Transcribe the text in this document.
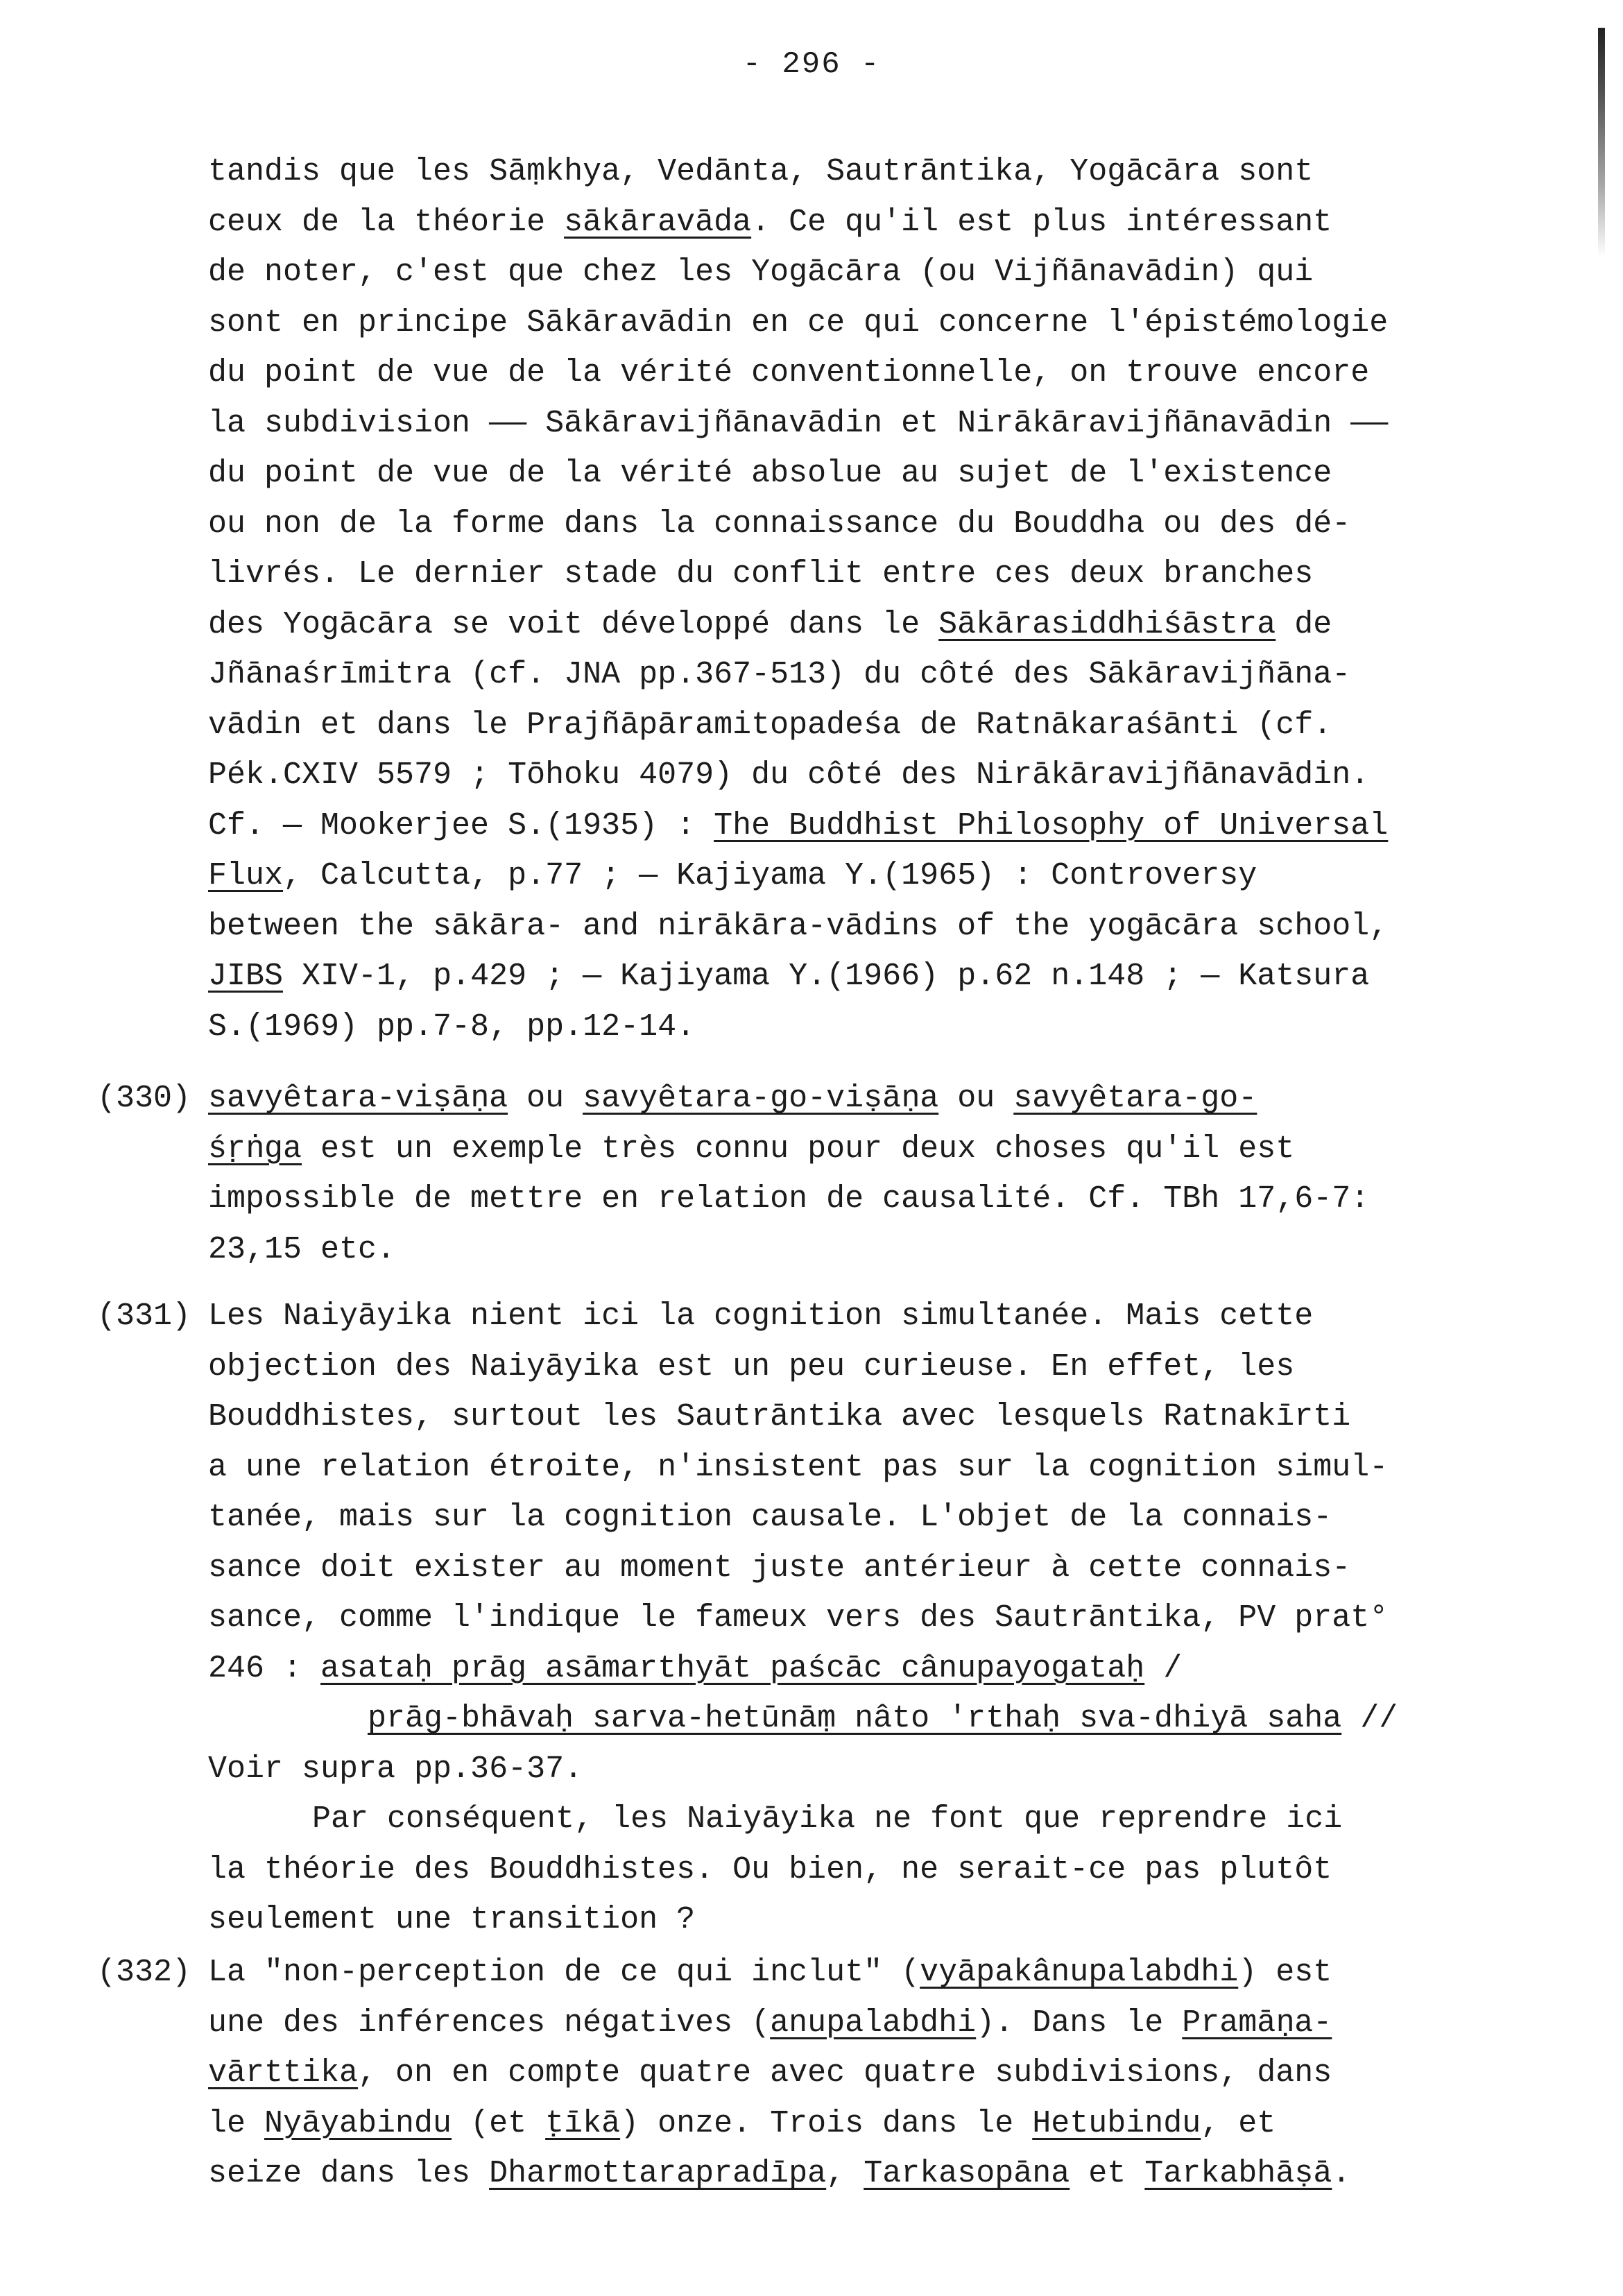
- 296 -
tandis que les Sāṃkhya, Vedānta, Sautrāntika, Yogācāra sont
ceux de la théorie sākāravāda. Ce qu'il est plus intéressant
de noter, c'est que chez les Yogācāra (ou Vijñānavādin) qui
sont en principe Sākāravādin en ce qui concerne l'épistémologie
du point de vue de la vérité conventionnelle, on trouve encore
la subdivision —— Sākāravijñānavādin et Nirākāravijñānavādin ——
du point de vue de la vérité absolue au sujet de l'existence
ou non de la forme dans la connaissance du Bouddha ou des dé-
livrés. Le dernier stade du conflit entre ces deux branches
des Yogācāra se voit développé dans le Sākārasiddhiśāstra de
Jñānaśrīmitra (cf. JNA pp.367-513) du côté des Sākāravijñāna-
vādin et dans le Prajñāpāramitopadeśa de Ratnākaraśānti (cf.
Pék.CXIV 5579 ; Tōhoku 4079) du côté des Nirākāravijñānavādin.
Cf. — Mookerjee S.(1935) : The Buddhist Philosophy of Universal
Flux, Calcutta, p.77 ; — Kajiyama Y.(1965) : Controversy
between the sākāra- and nirākāra-vādins of the yogācāra school,
JIBS XIV-1, p.429 ; — Kajiyama Y.(1966) p.62 n.148 ; — Katsura
S.(1969) pp.7-8, pp.12-14.
(330) savyêtara-viṣāṇa ou savyêtara-go-viṣāṇa ou savyêtara-go-
śṛṅga est un exemple très connu pour deux choses qu'il est
impossible de mettre en relation de causalité. Cf. TBh 17,6-7:
23,15 etc.
(331) Les Naiyāyika nient ici la cognition simultanée. Mais cette
objection des Naiyāyika est un peu curieuse. En effet, les
Bouddhistes, surtout les Sautrāntika avec lesquels Ratnakīrti
a une relation étroite, n'insistent pas sur la cognition simul-
tanée, mais sur la cognition causale. L'objet de la connais-
sance doit exister au moment juste antérieur à cette connais-
sance, comme l'indique le fameux vers des Sautrāntika, PV prat°
246 : asataḥ prāg asāmarthyāt paścāc cânupayogataḥ /
prāg-bhāvaḥ sarva-hetūnāṃ nâto 'rthaḥ sva-dhiyā saha //
Voir supra pp.36-37.
Par conséquent, les Naiyāyika ne font que reprendre ici
la théorie des Bouddhistes. Ou bien, ne serait-ce pas plutôt
seulement une transition ?
(332) La "non-perception de ce qui inclut" (vyāpakânupalabdhi) est
une des inférences négatives (anupalabdhi). Dans le Pramāṇa-
vārttika, on en compte quatre avec quatre subdivisions, dans
le Nyāyabindu (et ṭīkā) onze. Trois dans le Hetubindu, et
seize dans les Dharmottarapradīpa, Tarkasopāna et Tarkabhāṣā.
